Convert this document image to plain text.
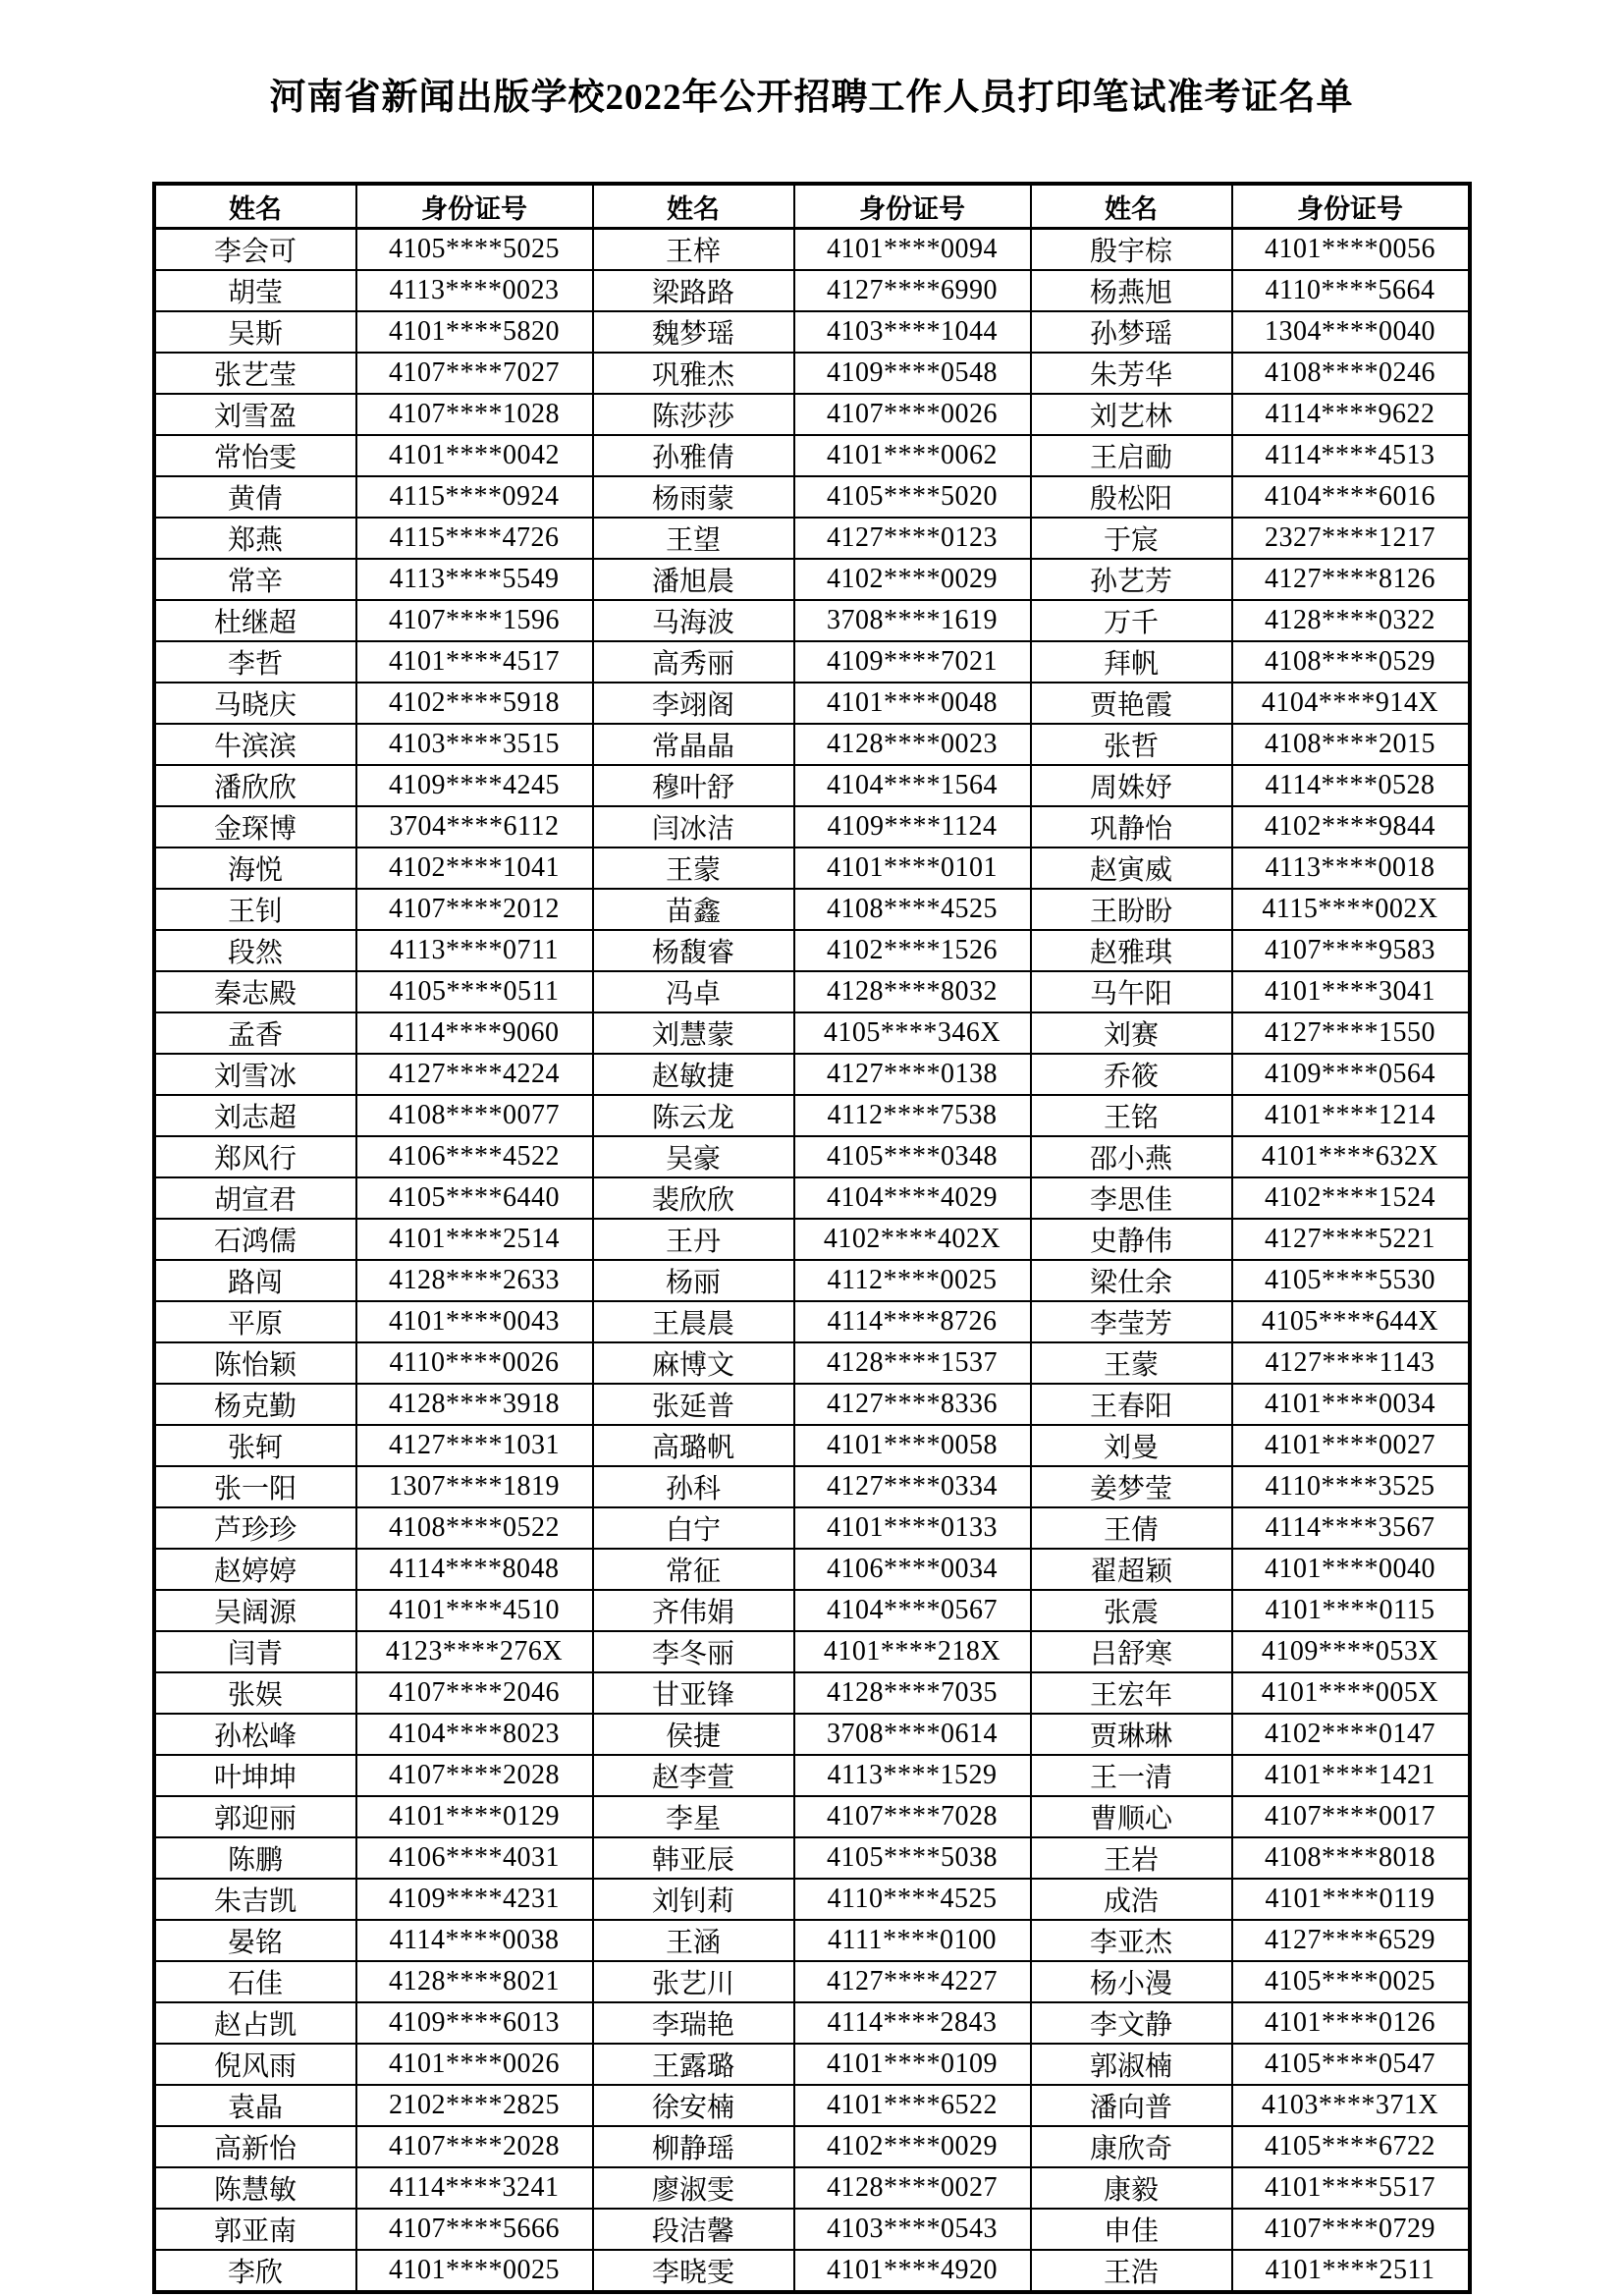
河南省新闻出版学校2022年公开招聘工作人员打印笔试准考证名单
姓名	身份证号	姓名	身份证号	姓名	身份证号
李会可	4105****5025	王梓	4101****0094	殷宇棕	4101****0056
胡莹	4113****0023	梁路路	4127****6990	杨燕旭	4110****5664
吴斯	4101****5820	魏梦瑶	4103****1044	孙梦瑶	1304****0040
张艺莹	4107****7027	巩雅杰	4109****0548	朱芳华	4108****0246
刘雪盈	4107****1028	陈莎莎	4107****0026	刘艺林	4114****9622
常怡雯	4101****0042	孙雅倩	4101****0062	王启勔	4114****4513
黄倩	4115****0924	杨雨蒙	4105****5020	殷松阳	4104****6016
郑燕	4115****4726	王望	4127****0123	于宸	2327****1217
常辛	4113****5549	潘旭晨	4102****0029	孙艺芳	4127****8126
杜继超	4107****1596	马海波	3708****1619	万千	4128****0322
李哲	4101****4517	高秀丽	4109****7021	拜帆	4108****0529
马晓庆	4102****5918	李翊阁	4101****0048	贾艳霞	4104****914X
牛滨滨	4103****3515	常晶晶	4128****0023	张哲	4108****2015
潘欣欣	4109****4245	穆叶舒	4104****1564	周姝妤	4114****0528
金琛博	3704****6112	闫冰洁	4109****1124	巩静怡	4102****9844
海悦	4102****1041	王蒙	4101****0101	赵寅威	4113****0018
王钊	4107****2012	苗鑫	4108****4525	王盼盼	4115****002X
段然	4113****0711	杨馥睿	4102****1526	赵雅琪	4107****9583
秦志殿	4105****0511	冯卓	4128****8032	马午阳	4101****3041
孟香	4114****9060	刘慧蒙	4105****346X	刘赛	4127****1550
刘雪冰	4127****4224	赵敏捷	4127****0138	乔筱	4109****0564
刘志超	4108****0077	陈云龙	4112****7538	王铭	4101****1214
郑风行	4106****4522	吴豪	4105****0348	邵小燕	4101****632X
胡宣君	4105****6440	裴欣欣	4104****4029	李思佳	4102****1524
石鸿儒	4101****2514	王丹	4102****402X	史静伟	4127****5221
路闯	4128****2633	杨丽	4112****0025	梁仕余	4105****5530
平原	4101****0043	王晨晨	4114****8726	李莹芳	4105****644X
陈怡颖	4110****0026	麻博文	4128****1537	王蒙	4127****1143
杨克勤	4128****3918	张延普	4127****8336	王春阳	4101****0034
张轲	4127****1031	高璐帆	4101****0058	刘曼	4101****0027
张一阳	1307****1819	孙科	4127****0334	姜梦莹	4110****3525
芦珍珍	4108****0522	白宁	4101****0133	王倩	4114****3567
赵婷婷	4114****8048	常征	4106****0034	翟超颖	4101****0040
吴阔源	4101****4510	齐伟娟	4104****0567	张震	4101****0115
闫青	4123****276X	李冬丽	4101****218X	吕舒寒	4109****053X
张娱	4107****2046	甘亚锋	4128****7035	王宏年	4101****005X
孙松峰	4104****8023	侯捷	3708****0614	贾琳琳	4102****0147
叶坤坤	4107****2028	赵李萱	4113****1529	王一清	4101****1421
郭迎丽	4101****0129	李星	4107****7028	曹顺心	4107****0017
陈鹏	4106****4031	韩亚辰	4105****5038	王岩	4108****8018
朱吉凯	4109****4231	刘钊莉	4110****4525	成浩	4101****0119
晏铭	4114****0038	王涵	4111****0100	李亚杰	4127****6529
石佳	4128****8021	张艺川	4127****4227	杨小漫	4105****0025
赵占凯	4109****6013	李瑞艳	4114****2843	李文静	4101****0126
倪风雨	4101****0026	王露璐	4101****0109	郭淑楠	4105****0547
袁晶	2102****2825	徐安楠	4101****6522	潘向普	4103****371X
高新怡	4107****2028	柳静瑶	4102****0029	康欣奇	4105****6722
陈慧敏	4114****3241	廖淑雯	4128****0027	康毅	4101****5517
郭亚南	4107****5666	段洁馨	4103****0543	申佳	4107****0729
李欣	4101****0025	李晓雯	4101****4920	王浩	4101****2511
